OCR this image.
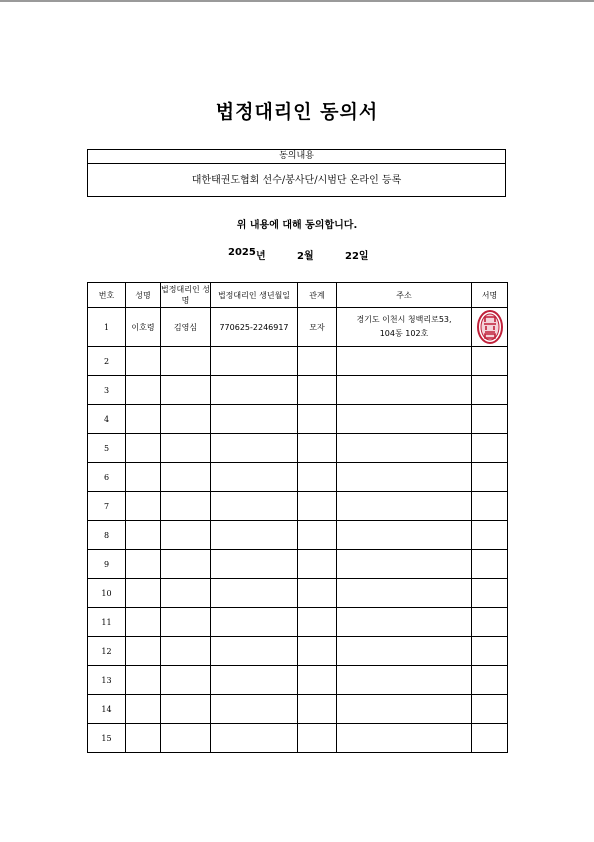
법정대리인 동의서
동의내용
대한태권도협회 선수/봉사단/시범단 온라인 등록
위 내용에 대해 동의합니다.
2025 년	2월	22일
번호	성명	법정대리인 성명	법정대리인 생년월일	관계	주소	서명
1	이호령	김영심	770625-2246917	모자	경기도 이천시 청백리로53,
104동 102호

2						
3						
4						
5						
6						
7						
8						
9						
10						
11						
12						
13						
14						
15						
